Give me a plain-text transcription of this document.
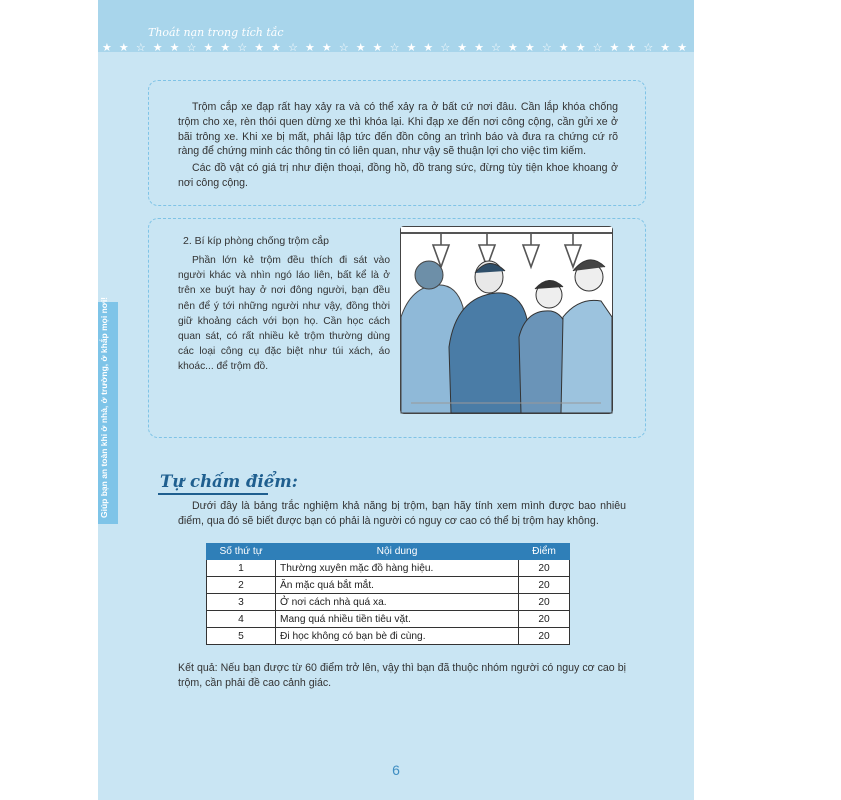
Thoát nạn trong tích tắc
★ ★ ☆ ★ ★ ☆ ★ ★ ☆ ★ ★ ☆ ★ ★ ☆ ★ ★ ☆ ★ ★ ☆ ★ ★ ☆ ★ ★ ☆ ★ ★ ☆ ★ ★ ☆ ★ ★ ☆ ★ ★ ☆ ★ ★ ☆ ★ ★
Giúp bạn an toàn khi ở nhà, ở trường, ở khắp mọi nơi!

Trộm cắp xe đạp rất hay xảy ra và có thể xảy ra ở bất cứ nơi đâu. Cần lắp khóa chống trộm cho xe, rèn thói quen dừng xe thì khóa lại. Khi đạp xe đến nơi công cộng, cần gửi xe ở bãi trông xe. Khi xe bị mất, phải lập tức đến đồn công an trình báo và đưa ra chứng cứ rõ ràng để chứng minh các thông tin có liên quan, như vậy sẽ thuận lợi cho việc tìm kiếm.

Các đồ vật có giá trị như điện thoại, đồng hồ, đồ trang sức, đừng tùy tiện khoe khoang ở nơi công cộng.

2. Bí kíp phòng chống trộm cắp

Phần lớn kẻ trộm đều thích đi sát vào người khác và nhìn ngó láo liên, bất kể là ở trên xe buýt hay ở nơi đông người, bạn đều nên để ý tới những người như vậy, đồng thời giữ khoảng cách với bọn họ. Cần học cách quan sát, có rất nhiều kẻ trộm thường dùng các loại công cụ đặc biệt như túi xách, áo khoác... để trộm đồ.

Tự chấm điểm:

Dưới đây là bảng trắc nghiệm khả năng bị trộm, bạn hãy tính xem mình được bao nhiêu điểm, qua đó sẽ biết được bạn có phải là người có nguy cơ cao có thể bị trộm hay không.

Số thứ tự	Nội dung	Điểm
1	Thường xuyên mặc đồ hàng hiệu.	20
2	Ăn mặc quá bắt mắt.	20
3	Ở nơi cách nhà quá xa.	20
4	Mang quá nhiều tiền tiêu vặt.	20
5	Đi học không có bạn bè đi cùng.	20

Kết quả: Nếu bạn được từ 60 điểm trở lên, vậy thì bạn đã thuộc nhóm người có nguy cơ cao bị trộm, cần phải đề cao cảnh giác.

6
